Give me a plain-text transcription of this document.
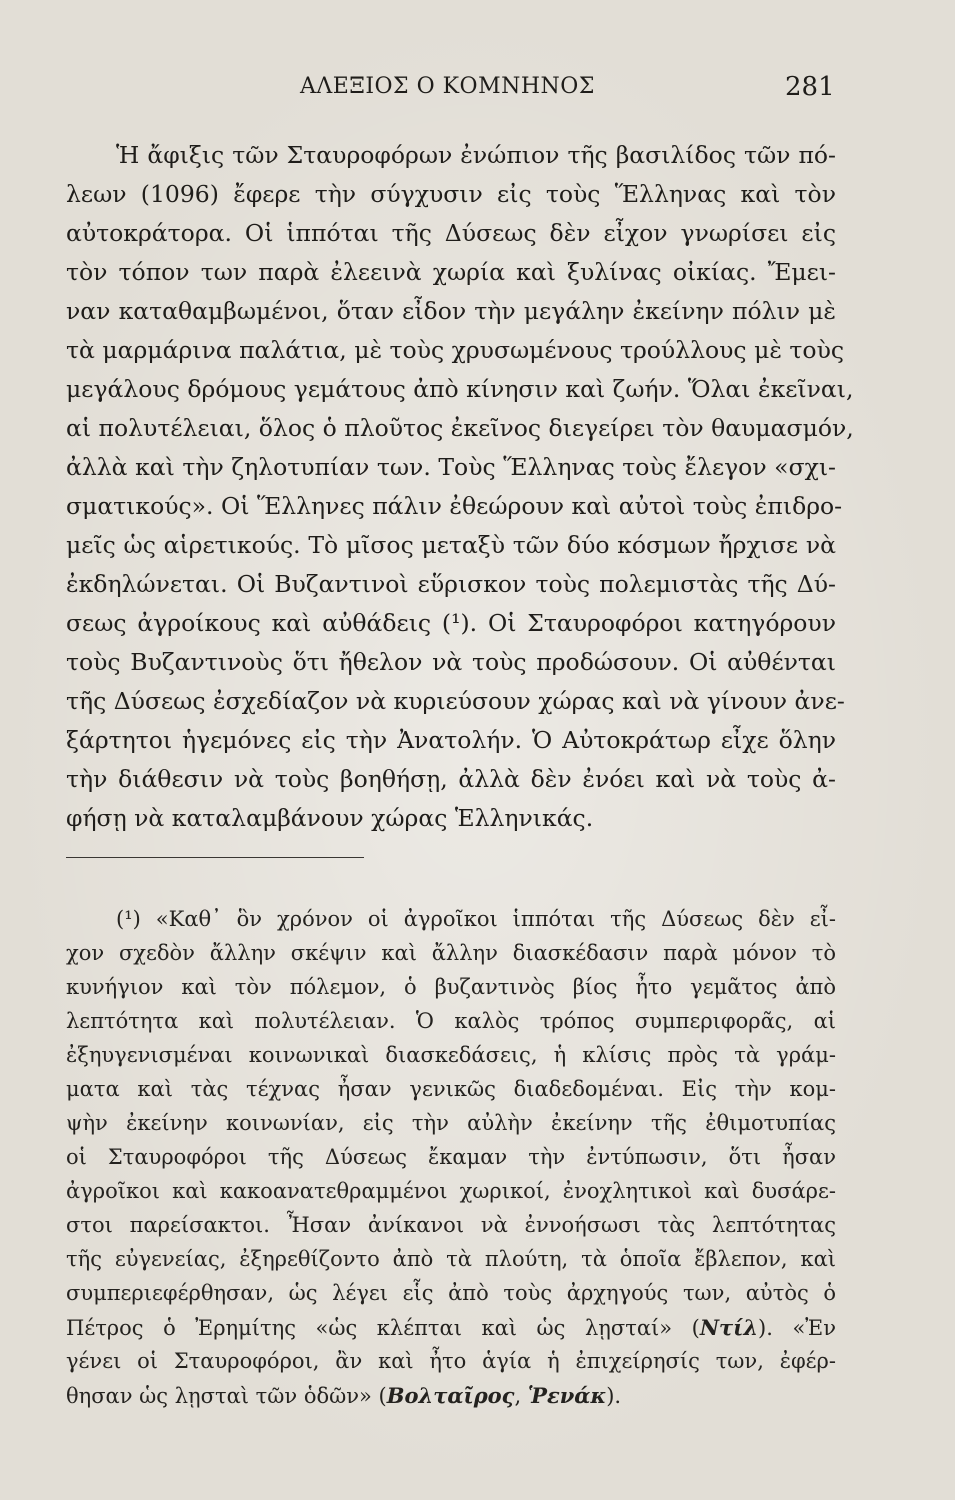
ΑΛΕΞΙΟΣ Ο ΚΟΜΝΗΝΟΣ	281
Ἡ ἄφιξις τῶν Σταυροφόρων ἐνώπιον τῆς βασιλίδος τῶν πό-
λεων (1096) ἔφερε τὴν σύγχυσιν εἰς τοὺς Ἕλληνας καὶ τὸν
αὐτοκράτορα. Οἱ ἱππόται τῆς Δύσεως δὲν εἶχον γνωρίσει εἰς
τὸν τόπον των παρὰ ἐλεεινὰ χωρία καὶ ξυλίνας οἰκίας. Ἔμει-
ναν καταθαμβωμένοι, ὅταν εἶδον τὴν μεγάλην ἐκείνην πόλιν μὲ
τὰ μαρμάρινα παλάτια, μὲ τοὺς χρυσωμένους τρούλλους μὲ τοὺς
μεγάλους δρόμους γεμάτους ἀπὸ κίνησιν καὶ ζωήν. Ὅλαι ἐκεῖναι,
αἱ πολυτέλειαι, ὅλος ὁ πλοῦτος ἐκεῖνος διεγείρει τὸν θαυμασμόν,
ἀλλὰ καὶ τὴν ζηλοτυπίαν των. Τοὺς Ἕλληνας τοὺς ἔλεγον «σχι-
σματικούς». Οἱ Ἕλληνες πάλιν ἐθεώρουν καὶ αὐτοὶ τοὺς ἐπιδρο-
μεῖς ὡς αἱρετικούς. Τὸ μῖσος μεταξὺ τῶν δύο κόσμων ἤρχισε νὰ
ἐκδηλώνεται. Οἱ Βυζαντινοὶ εὕρισκον τοὺς πολεμιστὰς τῆς Δύ-
σεως ἀγροίκους καὶ αὐθάδεις (¹). Οἱ Σταυροφόροι κατηγόρουν
τοὺς Βυζαντινοὺς ὅτι ἤθελον νὰ τοὺς προδώσουν. Οἱ αὐθένται
τῆς Δύσεως ἐσχεδίαζον νὰ κυριεύσουν χώρας καὶ νὰ γίνουν ἀνε-
ξάρτητοι ἡγεμόνες εἰς τὴν Ἀνατολήν. Ὁ Αὐτοκράτωρ εἶχε ὅλην
τὴν διάθεσιν νὰ τοὺς βοηθήσῃ, ἀλλὰ δὲν ἐνόει καὶ νὰ τοὺς ἀ-
φήσῃ νὰ καταλαμβάνουν χώρας Ἑλληνικάς.
(¹) «Καθ᾽ ὃν χρόνον οἱ ἀγροῖκοι ἱππόται τῆς Δύσεως δὲν εἶ-
χον σχεδὸν ἄλλην σκέψιν καὶ ἄλλην διασκέδασιν παρὰ μόνον τὸ
κυνήγιον καὶ τὸν πόλεμον, ὁ βυζαντινὸς βίος ἦτο γεμᾶτος ἀπὸ
λεπτότητα καὶ πολυτέλειαν. Ὁ καλὸς τρόπος συμπεριφορᾶς, αἱ
ἐξηυγενισμέναι κοινωνικαὶ διασκεδάσεις, ἡ κλίσις πρὸς τὰ γράμ-
ματα καὶ τὰς τέχνας ἦσαν γενικῶς διαδεδομέναι. Εἰς τὴν κομ-
ψὴν ἐκείνην κοινωνίαν, εἰς τὴν αὐλὴν ἐκείνην τῆς ἐθιμοτυπίας
οἱ Σταυροφόροι τῆς Δύσεως ἔκαμαν τὴν ἐντύπωσιν, ὅτι ἦσαν
ἀγροῖκοι καὶ κακοανατεθραμμένοι χωρικοί, ἐνοχλητικοὶ καὶ δυσάρε-
στοι παρείσακτοι. Ἦσαν ἀνίκανοι νὰ ἐννοήσωσι τὰς λεπτότητας
τῆς εὐγενείας, ἐξηρεθίζοντο ἀπὸ τὰ πλούτη, τὰ ὁποῖα ἔβλεπον, καὶ
συμπεριεφέρθησαν, ὡς λέγει εἷς ἀπὸ τοὺς ἀρχηγούς των, αὐτὸς ὁ
Πέτρος ὁ Ἐρημίτης «ὡς κλέπται καὶ ὡς λῃσταί» (Ντίλ). «Ἐν
γένει οἱ Σταυροφόροι, ἂν καὶ ἦτο ἁγία ἡ ἐπιχείρησίς των, ἐφέρ-
θησαν ὡς λῃσταὶ τῶν ὁδῶν» (Βολταῖρος, Ῥενάκ).
